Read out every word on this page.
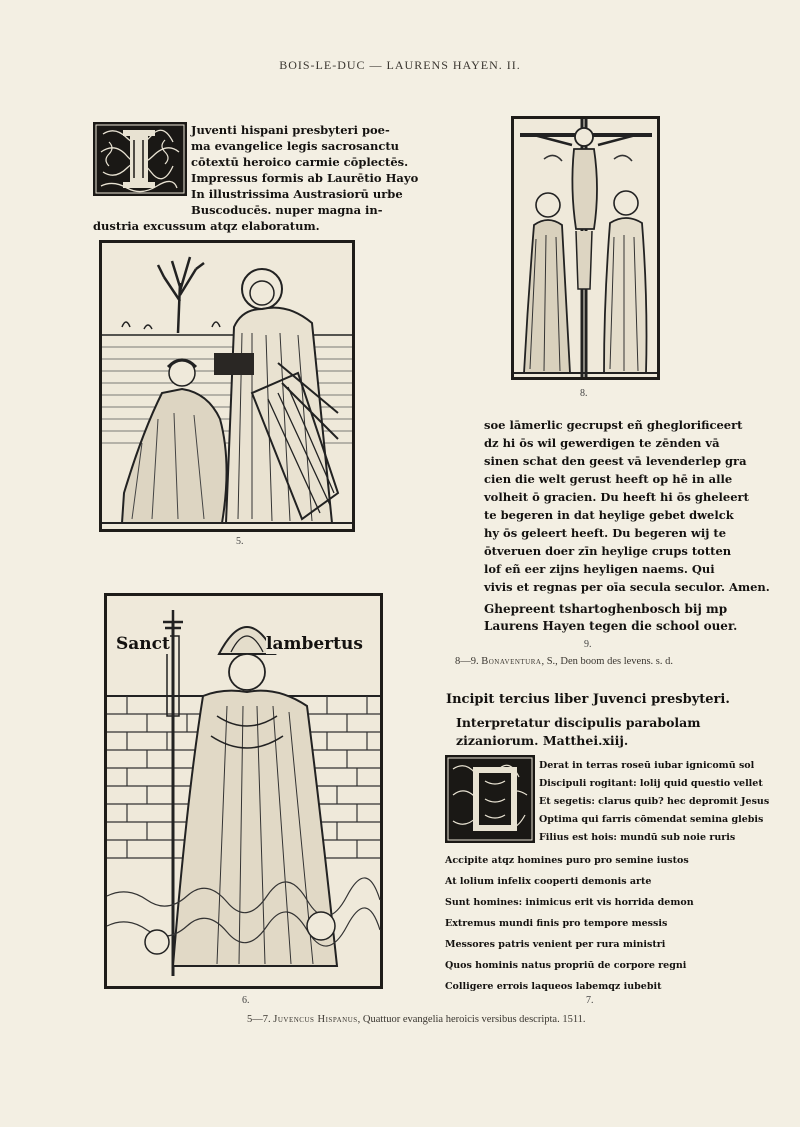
BOIS-LE-DUC — LAURENS HAYEN. II.
Juventi hispani presbyteri poe-
ma evangelice legis sacrosanctu
cōtextū heroico carmie cōplectēs.
Impressus formis ab Laurētio Hayo
In illustrissima Austrasiorū urbe
Buscoducēs. nuper magna in-
dustria excussum atqz elaboratum.
5.
8.
soe lāmerlic gecrupst eñ gheglorificeert
dz hi ōs wil gewerdigen te zēnden vā
sinen schat den geest vā levenderlep gra
cien die welt gerust heeft op hē in alle
volheit ō gracien. Du heeft hi ōs gheleert
te begeren in dat heylige gebet dwelck
hy ōs geleert heeft. Du begeren wij te
ōtveruen doer zīn heylige crups totten
lof eñ eer zijns heyligen naems. Qui
vivis et regnas per oīa secula seculor. Amen.
Ghepreent tshartoghenbosch bij mp
Laurens Hayen tegen die school ouer.
9.
8—9. Bonaventura, S., Den boom des levens. s. d.
Sanct	lambertus
6.
Incipit tercius liber Juvenci presbyteri.
Interpretatur discipulis parabolam
zizaniorum. Matthei.xiij.
Derat in terras roseū iubar ignicomū sol
Discipuli rogitant: lolij quid questio vellet
Et segetis: clarus quib? hec depromit Jesus
Optima qui farris cōmendat semina glebis
Filius est hois: mundū sub noie ruris
Accipite atqz homines puro pro semine iustos
At lolium infelix cooperti demonis arte
Sunt homines: inimicus erit vis horrida demon
Extremus mundi finis pro tempore messis
Messores patris venient per rura ministri
Quos hominis natus propriū de corpore regni
Colligere errois laqueos labemqz iubebit
7.
5—7. Juvencus Hispanus, Quattuor evangelia heroicis versibus descripta. 1511.
